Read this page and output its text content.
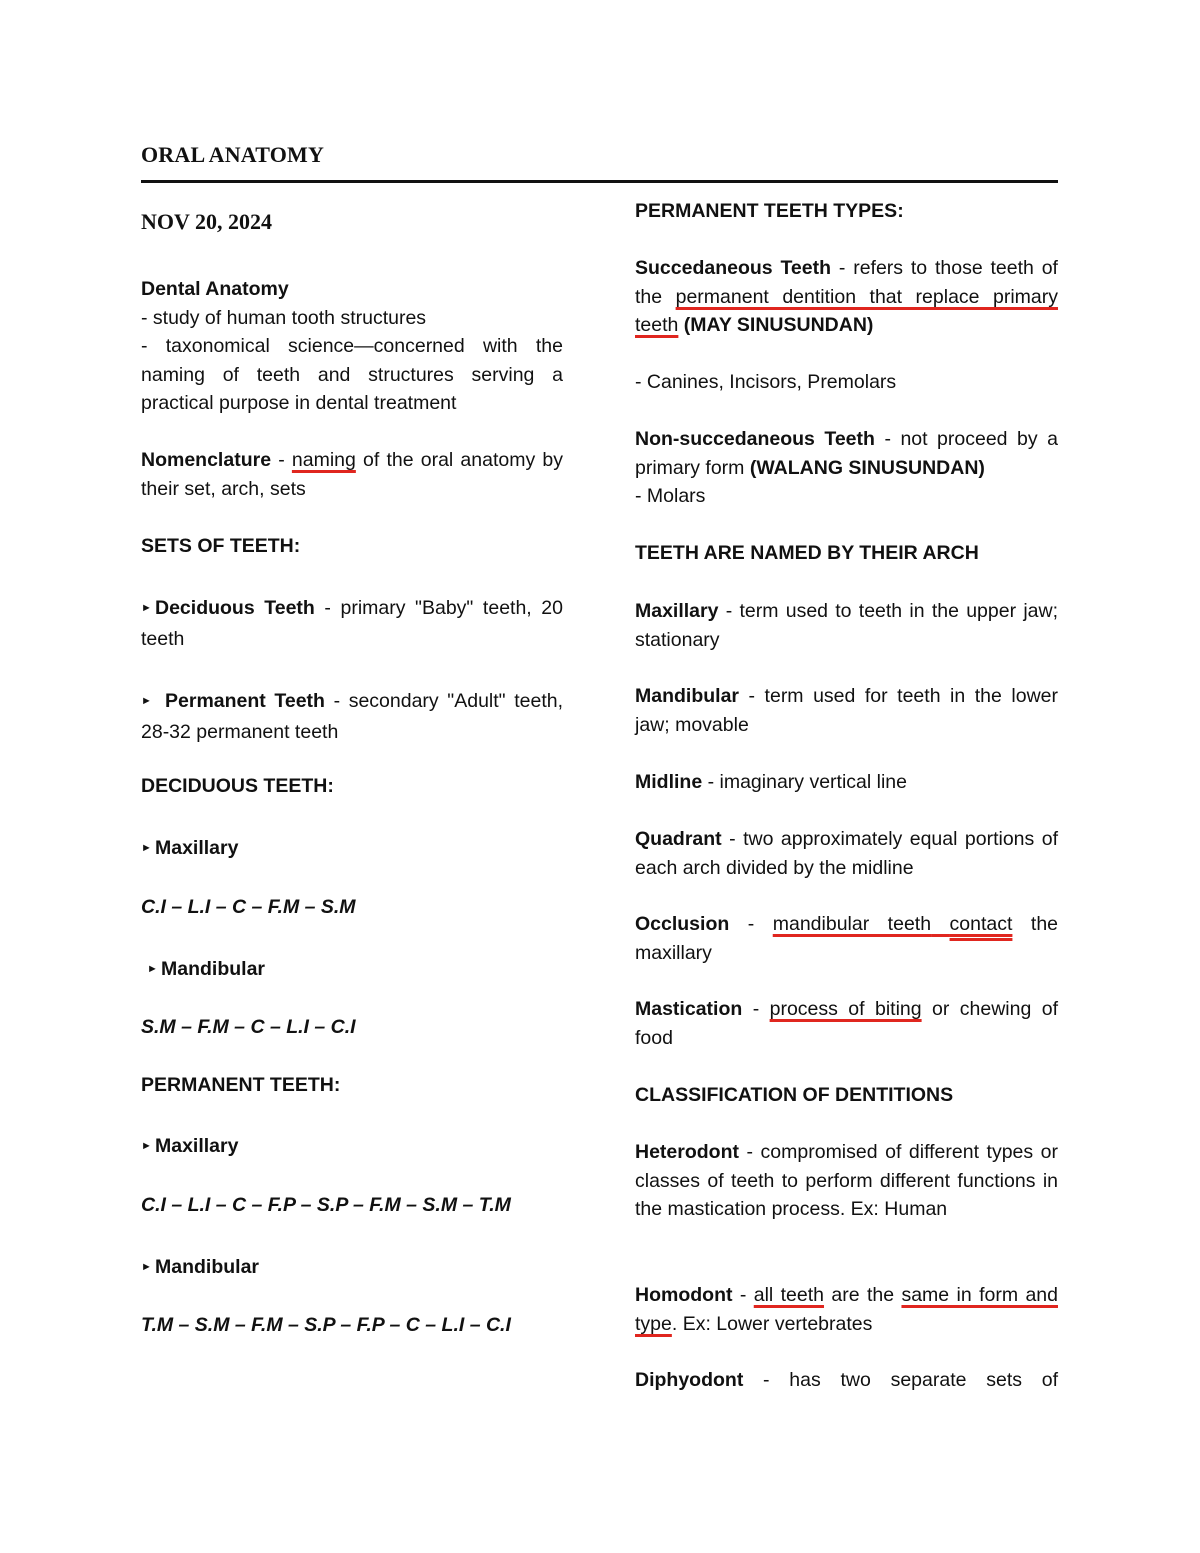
ORAL ANATOMY
NOV 20, 2024
Dental Anatomy
- study of human tooth structures
- taxonomical science—concerned with the naming of teeth and structures serving a practical purpose in dental treatment
Nomenclature - naming of the oral anatomy by their set, arch, sets
SETS OF TEETH:
► Deciduous Teeth - primary "Baby" teeth, 20 teeth
► Permanent Teeth - secondary "Adult" teeth, 28-32 permanent teeth
DECIDUOUS TEETH:
► Maxillary
C.I – L.I – C – F.M – S.M
► Mandibular
S.M – F.M – C – L.I – C.I
PERMANENT TEETH:
► Maxillary
C.I – L.I – C – F.P – S.P – F.M – S.M – T.M
► Mandibular
T.M – S.M – F.M – S.P – F.P – C – L.I – C.I
PERMANENT TEETH TYPES:
Succedaneous Teeth - refers to those teeth of the permanent dentition that replace primary teeth (MAY SINUSUNDAN)
- Canines, Incisors, Premolars
Non-succedaneous Teeth - not proceed by a primary form (WALANG SINUSUNDAN)
- Molars
TEETH ARE NAMED BY THEIR ARCH
Maxillary - term used to teeth in the upper jaw; stationary
Mandibular - term used for teeth in the lower jaw; movable
Midline - imaginary vertical line
Quadrant - two approximately equal portions of each arch divided by the midline
Occlusion - mandibular teeth contact the maxillary
Mastication - process of biting or chewing of food
CLASSIFICATION OF DENTITIONS
Heterodont - compromised of different types or classes of teeth to perform different functions in the mastication process. Ex: Human
Homodont - all teeth are the same in form and type. Ex: Lower vertebrates
Diphyodont - has two separate sets of
